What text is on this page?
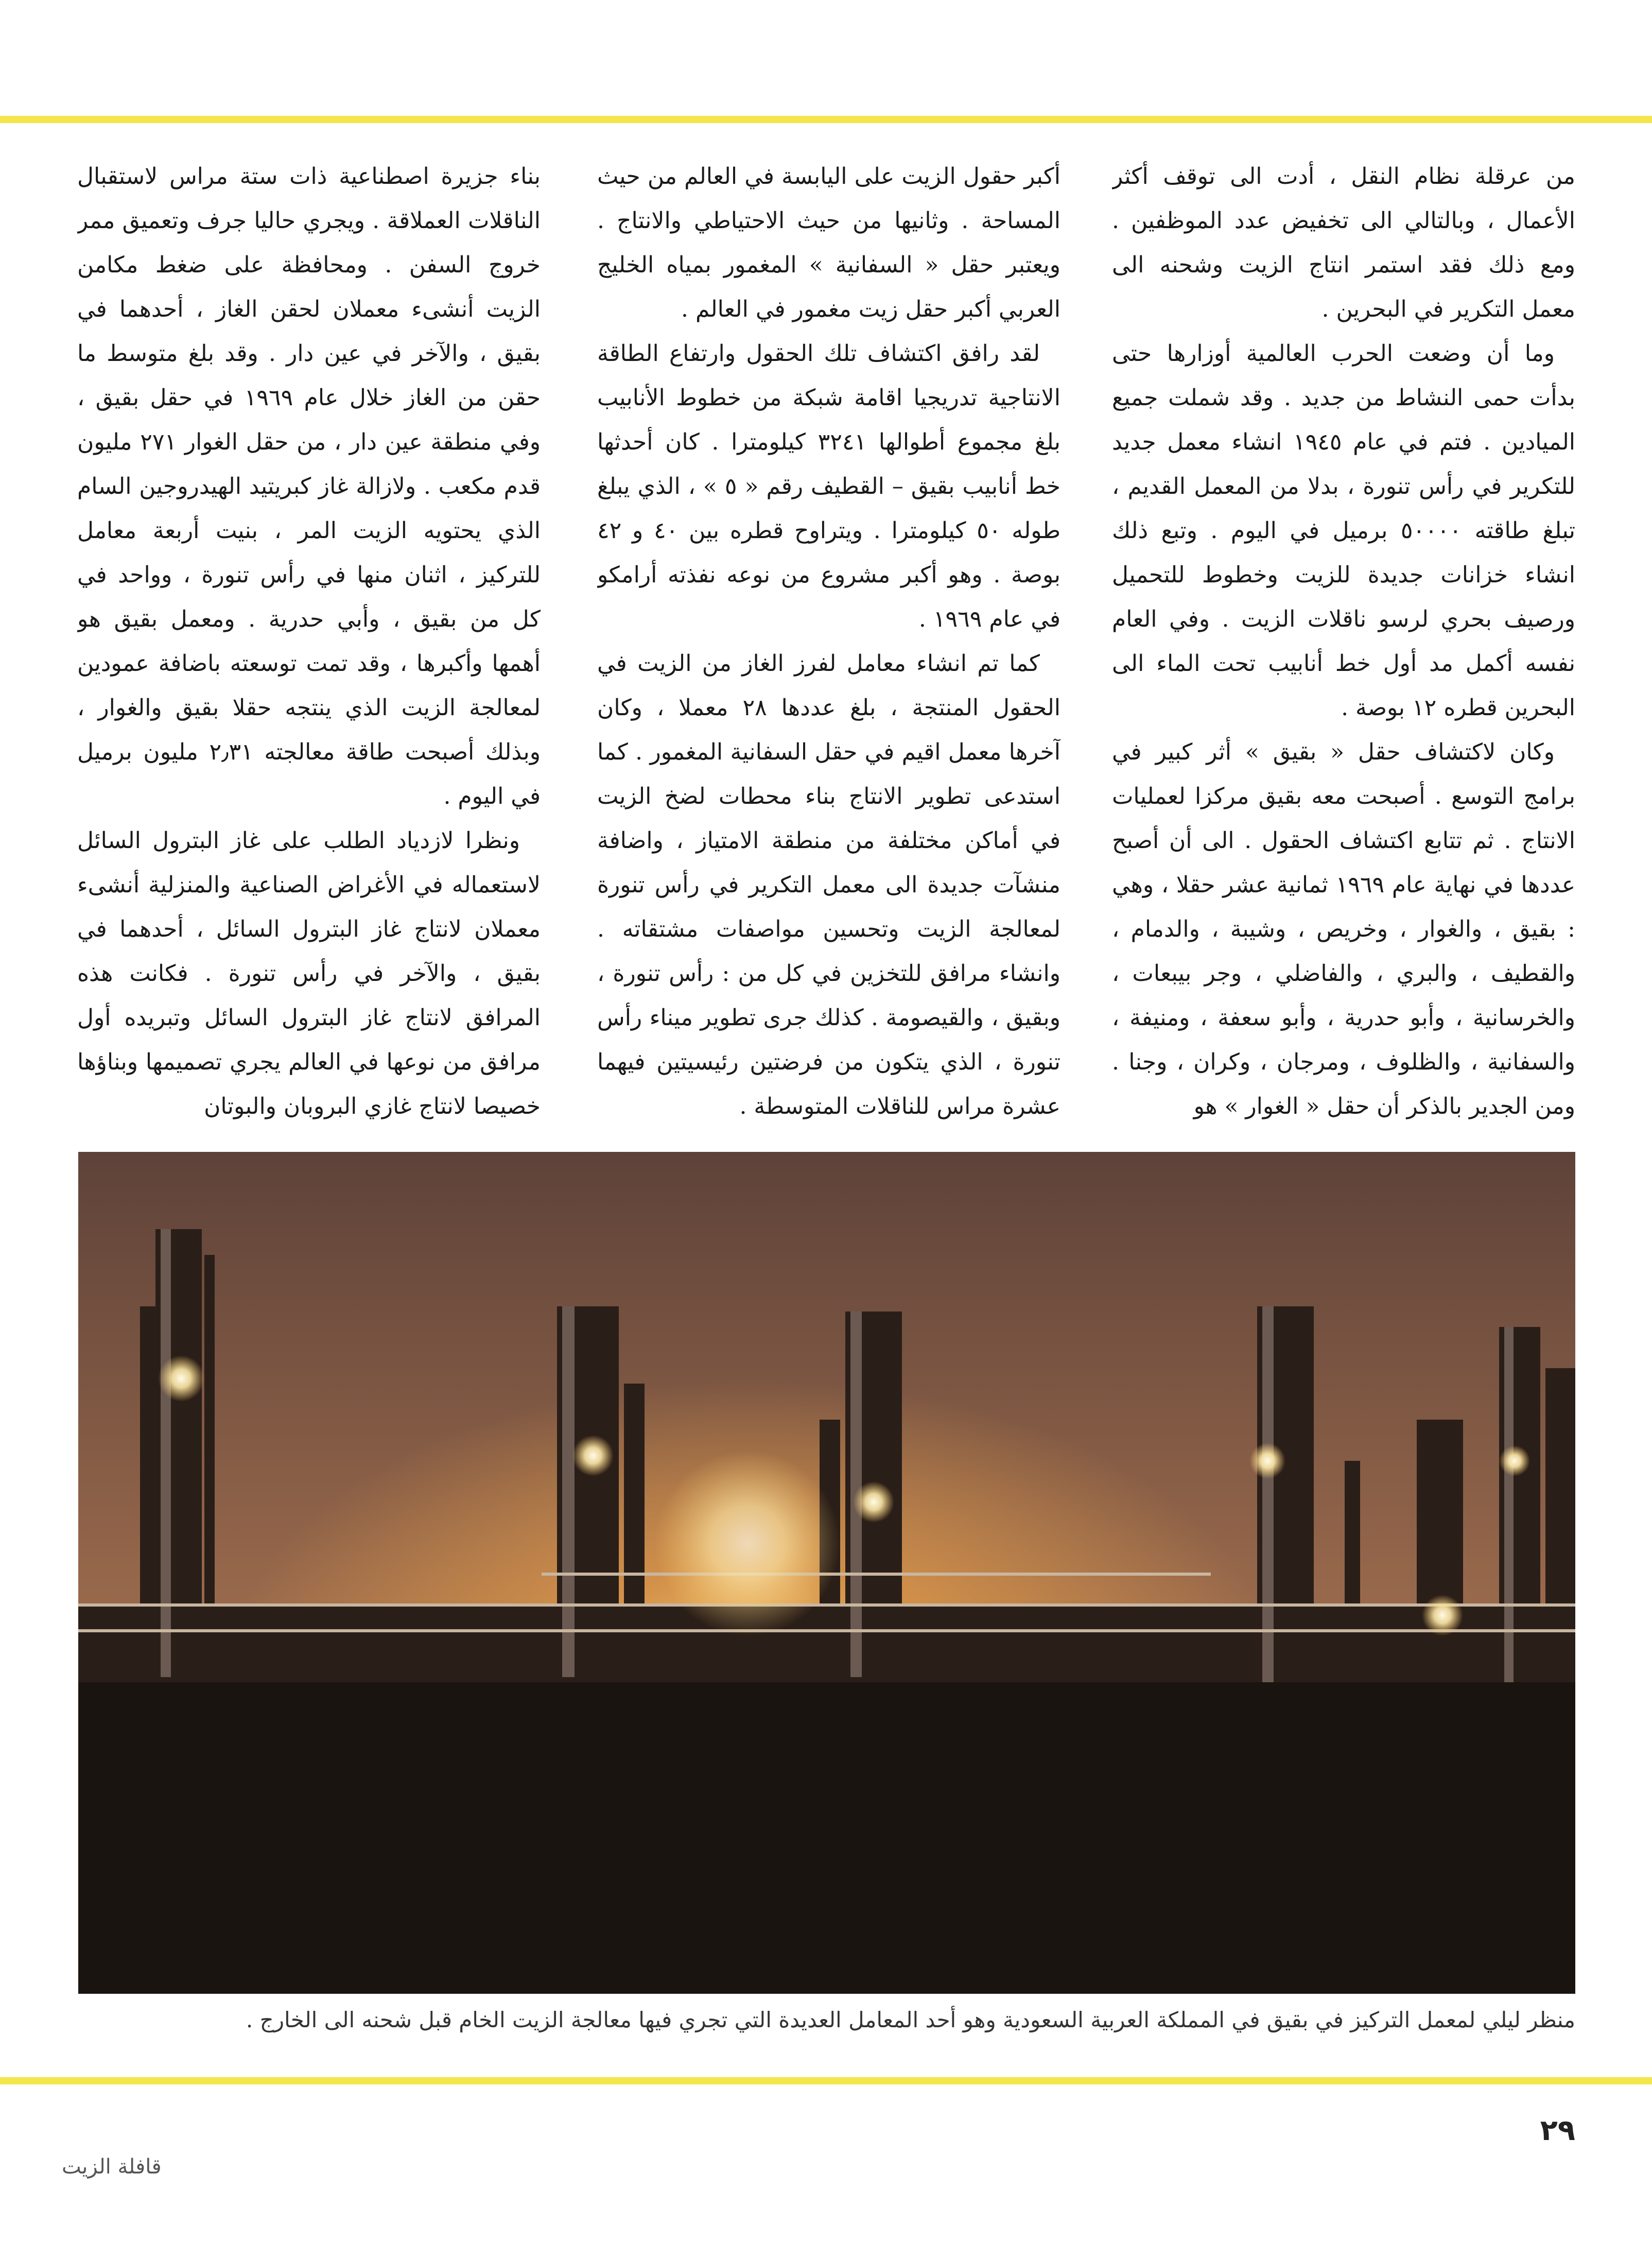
من عرقلة نظام النقل ، أدت الى توقف أكثر الأعمال ، وبالتالي الى تخفيض عدد الموظفين . ومع ذلك فقد استمر انتاج الزيت وشحنه الى معمل التكرير في البحرين .

وما أن وضعت الحرب العالمية أوزارها حتى بدأت حمى النشاط من جديد . وقد شملت جميع الميادين . فتم في عام ١٩٤٥ انشاء معمل جديد للتكرير في رأس تنورة ، بدلا من المعمل القديم ، تبلغ طاقته ٥٠٠٠٠ برميل في اليوم . وتبع ذلك انشاء خزانات جديدة للزيت وخطوط للتحميل ورصيف بحري لرسو ناقلات الزيت . وفي العام نفسه أكمل مد أول خط أنابيب تحت الماء الى البحرين قطره ١٢ بوصة .

وكان لاكتشاف حقل « بقيق » أثر كبير في برامج التوسع . أصبحت معه بقيق مركزا لعمليات الانتاج . ثم تتابع اكتشاف الحقول . الى أن أصبح عددها في نهاية عام ١٩٦٩ ثمانية عشر حقلا ، وهي : بقيق ، والغوار ، وخريص ، وشيبة ، والدمام ، والقطيف ، والبري ، والفاضلي ، وجر بيبعات ، والخرسانية ، وأبو حدرية ، وأبو سعفة ، ومنيفة ، والسفانية ، والظلوف ، ومرجان ، وكران ، وجنا . ومن الجدير بالذكر أن حقل « الغوار » هو

أكبر حقول الزيت على اليابسة في العالم من حيث المساحة . وثانيها من حيث الاحتياطي والانتاج . ويعتبر حقل « السفانية » المغمور بمياه الخليج العربي أكبر حقل زيت مغمور في العالم .

لقد رافق اكتشاف تلك الحقول وارتفاع الطاقة الانتاجية تدريجيا اقامة شبكة من خطوط الأنابيب بلغ مجموع أطوالها ٣٢٤١ كيلومترا . كان أحدثها خط أنابيب بقيق – القطيف رقم « ٥ » ، الذي يبلغ طوله ٥٠ كيلومترا . ويتراوح قطره بين ٤٠ و ٤٢ بوصة . وهو أكبر مشروع من نوعه نفذته أرامكو في عام ١٩٦٩ .

كما تم انشاء معامل لفرز الغاز من الزيت في الحقول المنتجة ، بلغ عددها ٢٨ معملا ، وكان آخرها معمل اقيم في حقل السفانية المغمور . كما استدعى تطوير الانتاج بناء محطات لضخ الزيت في أماكن مختلفة من منطقة الامتياز ، واضافة منشآت جديدة الى معمل التكرير في رأس تنورة لمعالجة الزيت وتحسين مواصفات مشتقاته . وانشاء مرافق للتخزين في كل من : رأس تنورة ، وبقيق ، والقيصومة . كذلك جرى تطوير ميناء رأس تنورة ، الذي يتكون من فرضتين رئيسيتين فيهما عشرة مراس للناقلات المتوسطة .

بناء جزيرة اصطناعية ذات ستة مراس لاستقبال الناقلات العملاقة . ويجري حاليا جرف وتعميق ممر خروج السفن . ومحافظة على ضغط مكامن الزيت أنشىء معملان لحقن الغاز ، أحدهما في بقيق ، والآخر في عين دار . وقد بلغ متوسط ما حقن من الغاز خلال عام ١٩٦٩ في حقل بقيق ، وفي منطقة عين دار ، من حقل الغوار ٢٧١ مليون قدم مكعب . ولازالة غاز كبريتيد الهيدروجين السام الذي يحتويه الزيت المر ، بنيت أربعة معامل للتركيز ، اثنان منها في رأس تنورة ، وواحد في كل من بقيق ، وأبي حدرية . ومعمل بقيق هو أهمها وأكبرها ، وقد تمت توسعته باضافة عمودين لمعالجة الزيت الذي ينتجه حقلا بقيق والغوار ، وبذلك أصبحت طاقة معالجته ٢٫٣١ مليون برميل في اليوم .

ونظرا لازدياد الطلب على غاز البترول السائل لاستعماله في الأغراض الصناعية والمنزلية أنشىء معملان لانتاج غاز البترول السائل ، أحدهما في بقيق ، والآخر في رأس تنورة . فكانت هذه المرافق لانتاج غاز البترول السائل وتبريده أول مرافق من نوعها في العالم يجري تصميمها وبناؤها خصيصا لانتاج غازي البروبان والبوتان

منظر ليلي لمعمل التركيز في بقيق في المملكة العربية السعودية وهو أحد المعامل العديدة التي تجري فيها معالجة الزيت الخام قبل شحنه الى الخارج .
٢٩
قافلة الزيت
